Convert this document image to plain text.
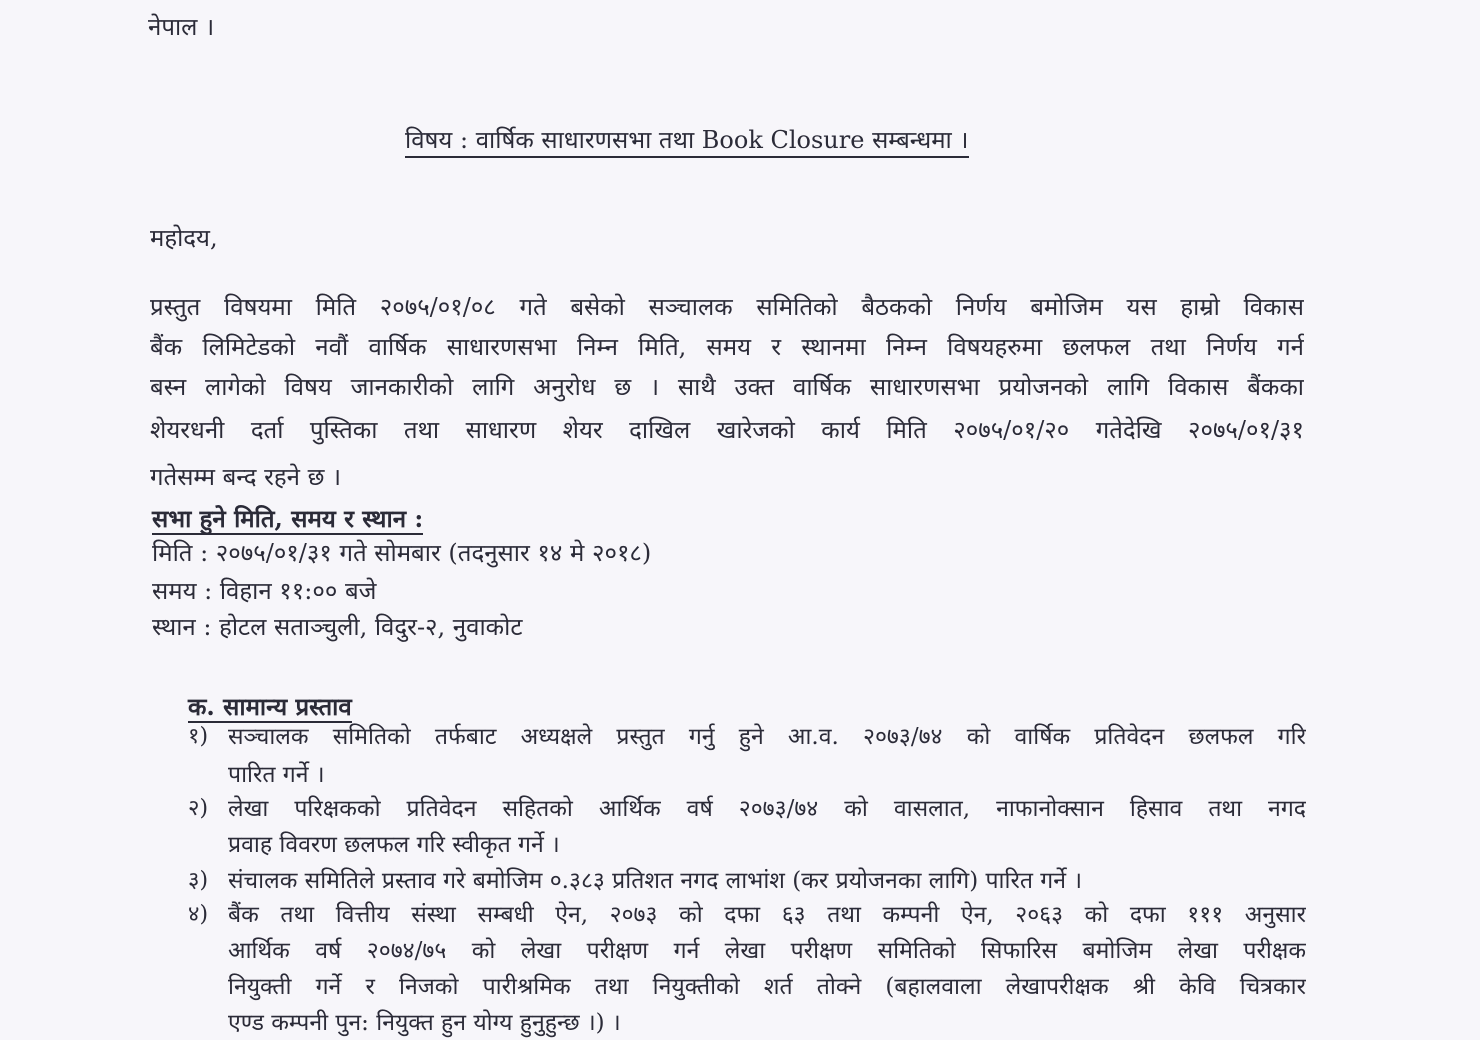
नेपाल ।
विषय : वार्षिक साधारणसभा तथा Book Closure सम्बन्धमा ।
महोदय,
प्रस्तुत विषयमा मिति २०७५/०१/०८ गते बसेको सञ्चालक समितिको बैठकको निर्णय बमोजिम यस हाम्रो विकास
बैंक लिमिटेडको नवौं वार्षिक साधारणसभा निम्न मिति, समय र स्थानमा निम्न विषयहरुमा छलफल तथा निर्णय गर्न
बस्न लागेको विषय जानकारीको लागि अनुरोध छ । साथै उक्त वार्षिक साधारणसभा प्रयोजनको लागि विकास बैंकका
शेयरधनी दर्ता पुस्तिका तथा साधारण शेयर दाखिल खारेजको कार्य मिति २०७५/०१/२० गतेदेखि २०७५/०१/३१
गतेसम्म बन्द रहने छ ।
सभा हुने मिति, समय र स्थान :
मिति : २०७५/०१/३१ गते सोमबार (तदनुसार १४ मे २०१८)
समय : विहान ११:०० बजे
स्थान : होटल सताञ्चुली, विदुर-२, नुवाकोट
क. सामान्य प्रस्ताव
१) सञ्चालक समितिको तर्फबाट अध्यक्षले प्रस्तुत गर्नु हुने आ.व. २०७३/७४ को वार्षिक प्रतिवेदन छलफल गरि
पारित गर्ने ।
२) लेखा परिक्षकको प्रतिवेदन सहितको आर्थिक वर्ष २०७३/७४ को वासलात, नाफानोक्सान हिसाव तथा नगद
प्रवाह विवरण छलफल गरि स्वीकृत गर्ने ।
३) संचालक समितिले प्रस्ताव गरे बमोजिम ०.३८३ प्रतिशत नगद लाभांश (कर प्रयोजनका लागि) पारित गर्ने ।
४) बैंक तथा वित्तीय संस्था सम्बधी ऐन, २०७३ को दफा ६३ तथा कम्पनी ऐन, २०६३ को दफा १११ अनुसार
आर्थिक वर्ष २०७४/७५ को लेखा परीक्षण गर्न लेखा परीक्षण समितिको सिफारिस बमोजिम लेखा परीक्षक
नियुक्ती गर्ने र निजको पारीश्रमिक तथा नियुक्तीको शर्त तोक्ने (बहालवाला लेखापरीक्षक श्री केवि चित्रकार
एण्ड कम्पनी पुन: नियुक्त हुन योग्य हुनुहुन्छ ।) ।
